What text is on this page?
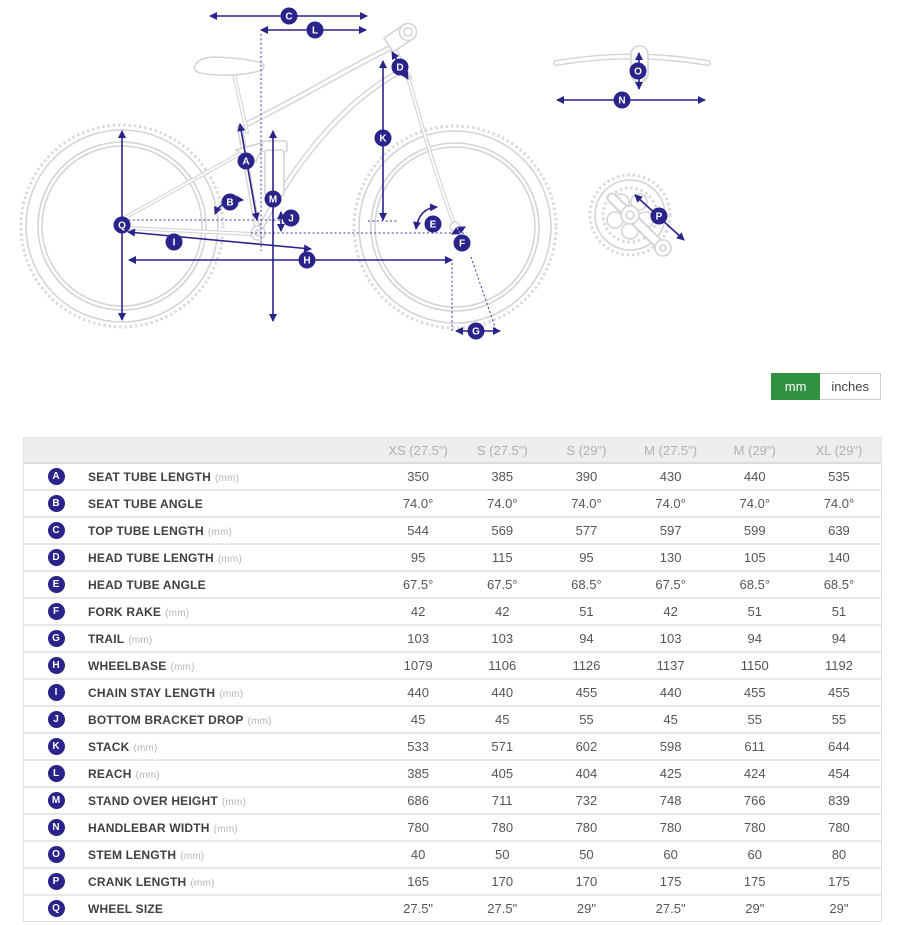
A
B
C
D
E
F
G
H
I
J
K
L
M
N
O
P
Q
mm	inches
XS (27.5")	S (27.5")	S (29")	M (27.5")	M (29")	XL (29")
A	SEAT TUBE LENGTH (mm)	350	385	390	430	440	535
B	SEAT TUBE ANGLE	74.0°	74.0°	74.0°	74.0°	74.0°	74.0°
C	TOP TUBE LENGTH (mm)	544	569	577	597	599	639
D	HEAD TUBE LENGTH (mm)	95	115	95	130	105	140
E	HEAD TUBE ANGLE	67.5°	67.5°	68.5°	67.5°	68.5°	68.5°
F	FORK RAKE (mm)	42	42	51	42	51	51
G	TRAIL (mm)	103	103	94	103	94	94
H	WHEELBASE (mm)	1079	1106	1126	1137	1150	1192
I	CHAIN STAY LENGTH (mm)	440	440	455	440	455	455
J	BOTTOM BRACKET DROP (mm)	45	45	55	45	55	55
K	STACK (mm)	533	571	602	598	611	644
L	REACH (mm)	385	405	404	425	424	454
M	STAND OVER HEIGHT (mm)	686	711	732	748	766	839
N	HANDLEBAR WIDTH (mm)	780	780	780	780	780	780
O	STEM LENGTH (mm)	40	50	50	60	60	80
P	CRANK LENGTH (mm)	165	170	170	175	175	175
Q	WHEEL SIZE	27.5"	27.5"	29"	27.5"	29"	29"
